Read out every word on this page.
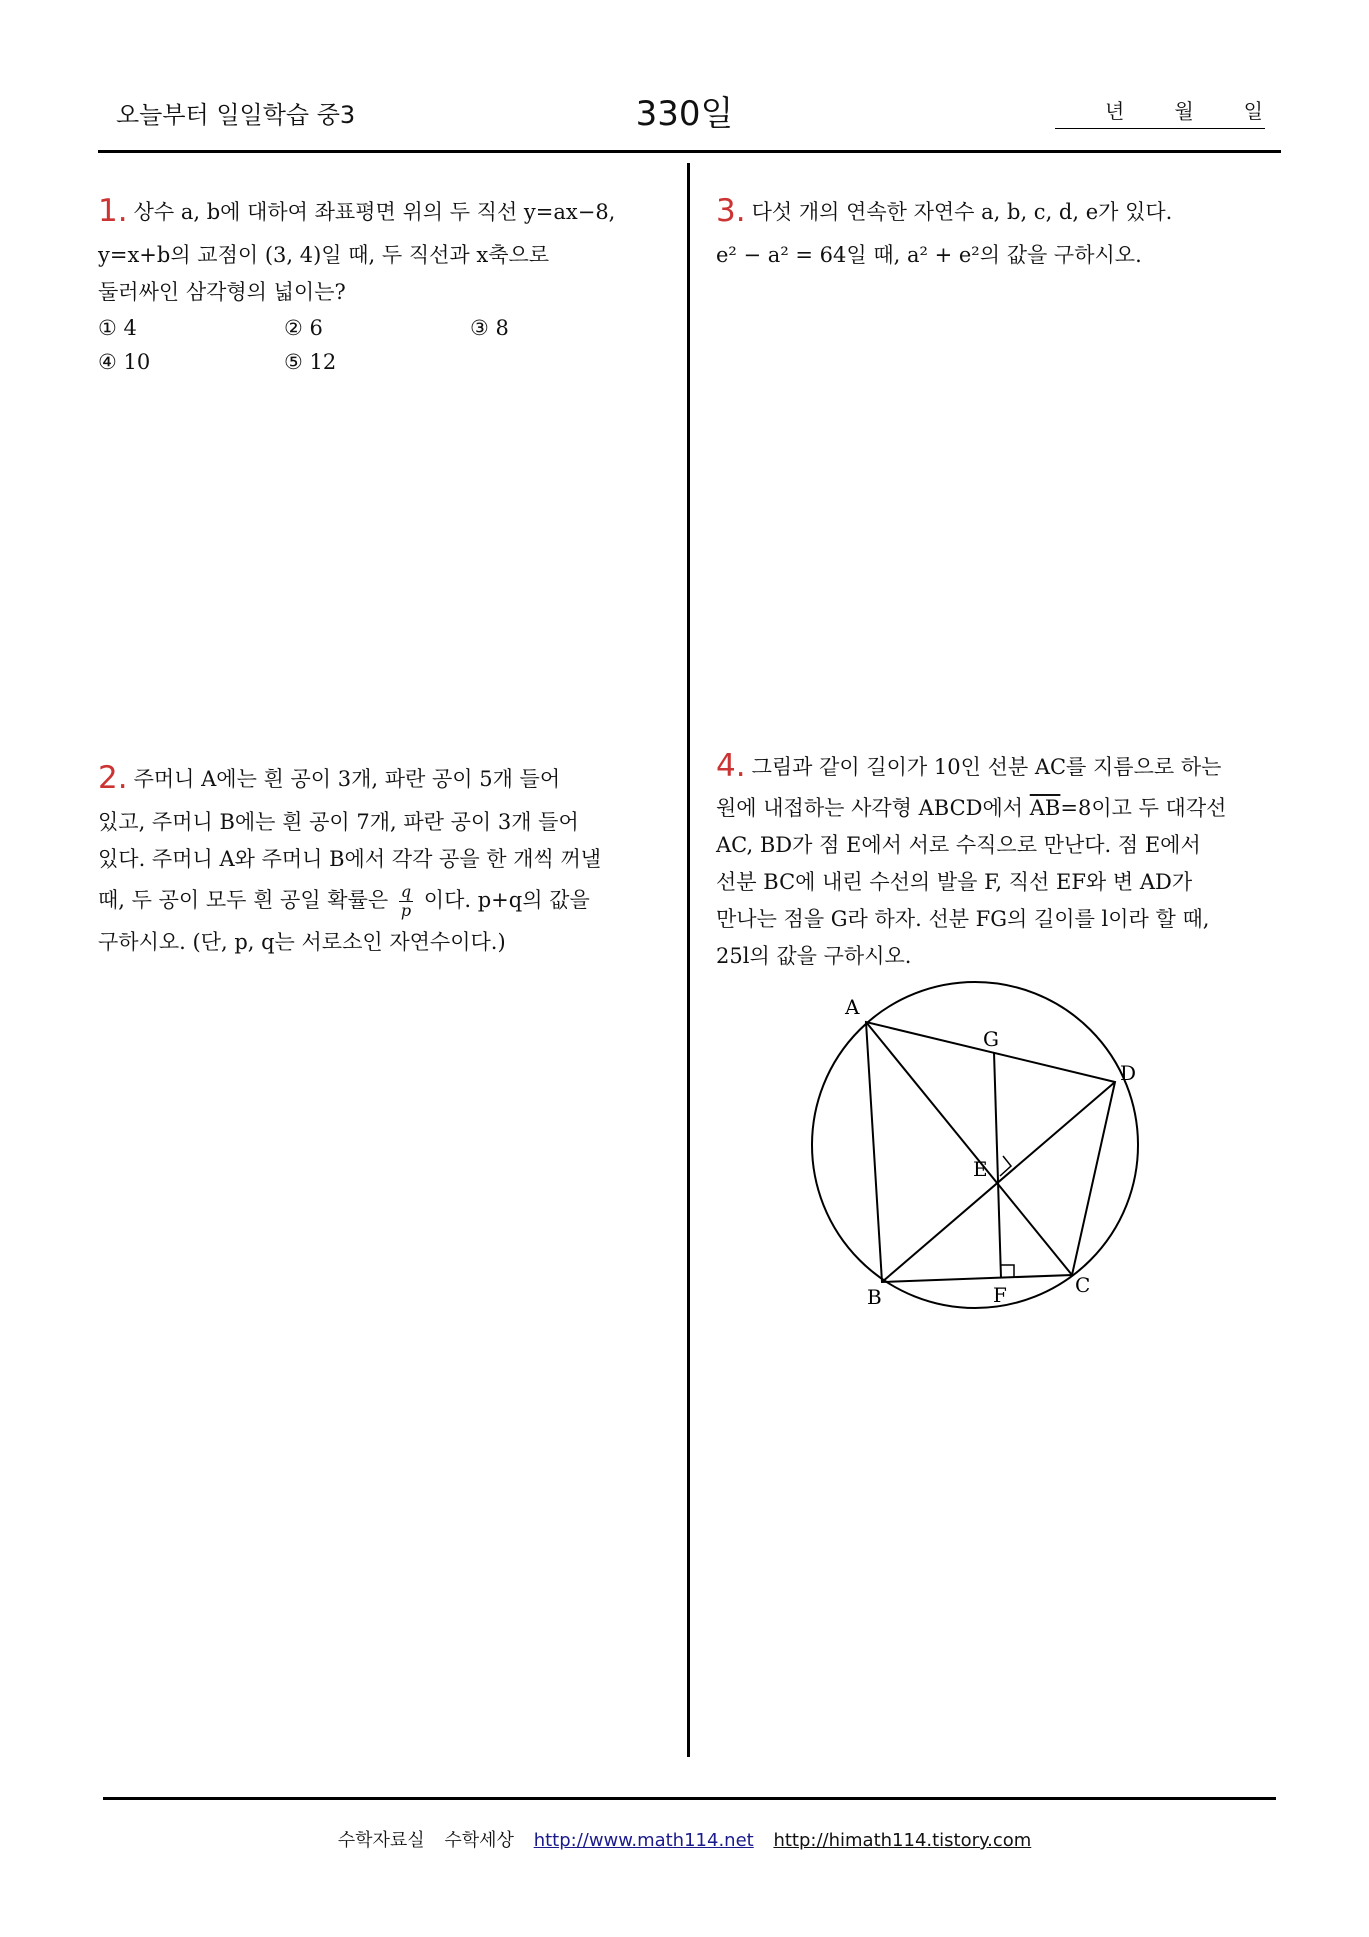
오늘부터 일일학습 중3	330일	년	월	일
1. 상수 a, b에 대하여 좌표평면 위의 두 직선 y=ax−8,
y=x+b의 교점이 (3, 4)일 때, 두 직선과 x축으로
둘러싸인 삼각형의 넓이는?
① 4	② 6	③ 8
④ 10	⑤ 12
2. 주머니 A에는 흰 공이 3개, 파란 공이 5개 들어
있고, 주머니 B에는 흰 공이 7개, 파란 공이 3개 들어
있다. 주머니 A와 주머니 B에서 각각 공을 한 개씩 꺼낼
때, 두 공이 모두 흰 공일 확률은 $\frac{q}{p}$ 이다. p+q의 값을
구하시오. (단, p, q는 서로소인 자연수이다.)
3. 다섯 개의 연속한 자연수 a, b, c, d, e가 있다.
e² − a² = 64일 때, a² + e²의 값을 구하시오.
4. 그림과 같이 길이가 10인 선분 AC를 지름으로 하는
원에 내접하는 사각형 ABCD에서 $\overline{AB}=8$이고 두 대각선
AC, BD가 점 E에서 서로 수직으로 만난다. 점 E에서
선분 BC에 내린 수선의 발을 F, 직선 EF와 변 AD가
만나는 점을 G라 하자. 선분 FG의 길이를 l이라 할 때,
25l의 값을 구하시오.
A
B	C
D
E
F
G
수학자료실 수학세상 http://www.math114.net http://himath114.tistory.com
